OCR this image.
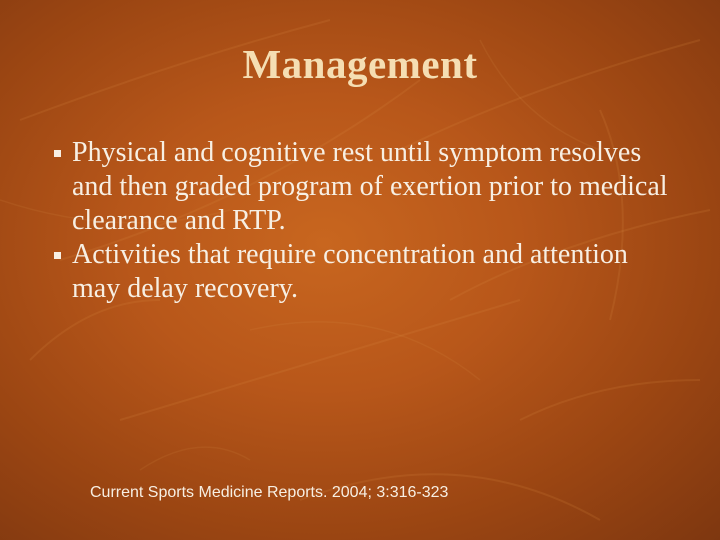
Management
Physical and cognitive rest until symptom resolves and then graded program of exertion prior to medical clearance and RTP.
Activities that require concentration and attention may delay recovery.
Current Sports Medicine Reports. 2004; 3:316-323
